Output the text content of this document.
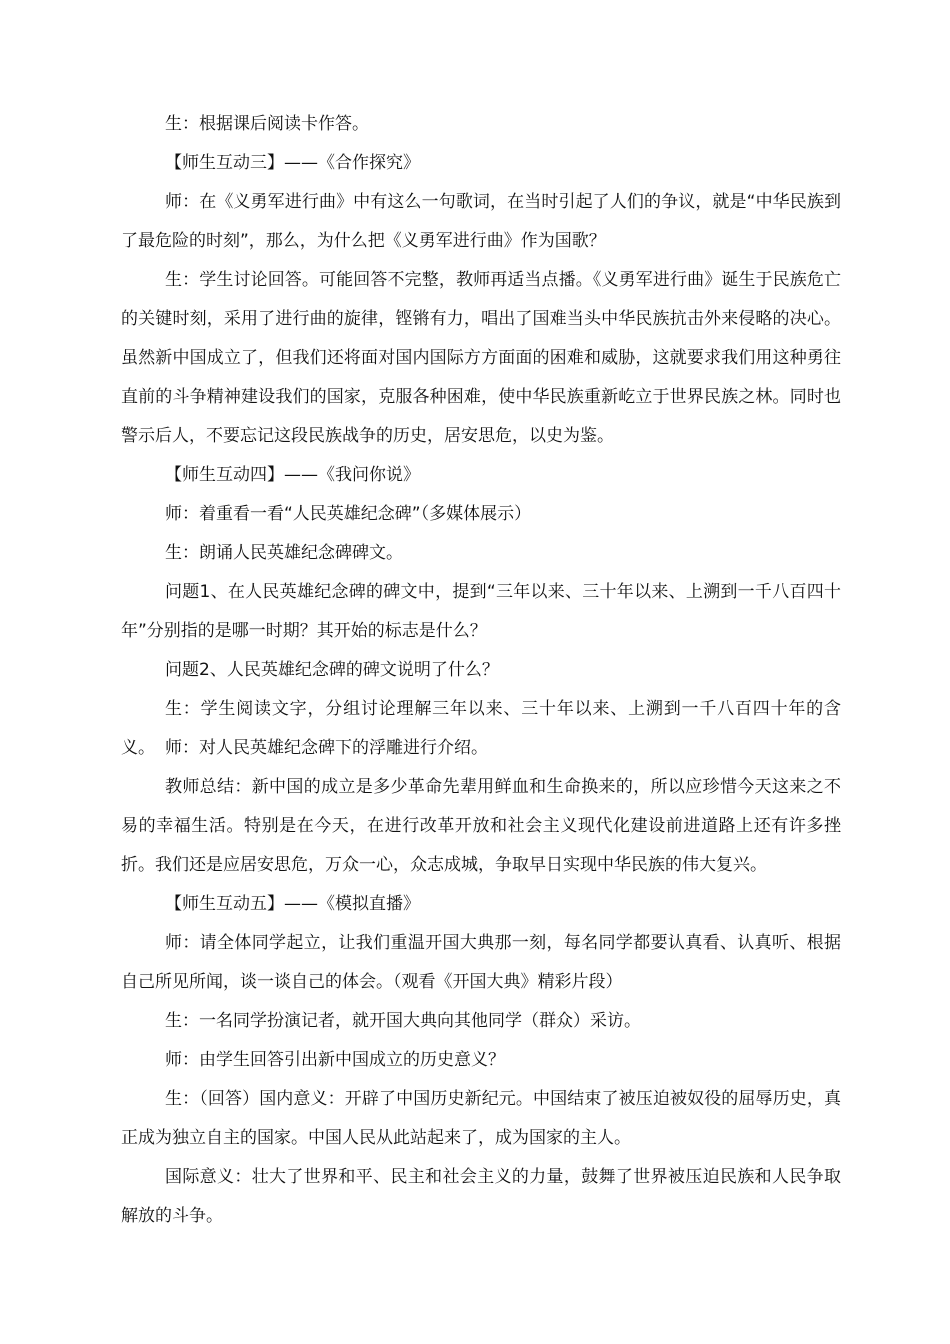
生：根据课后阅读卡作答。

【师生互动三】——《合作探究》

师：在《义勇军进行曲》中有这么一句歌词，在当时引起了人们的争议，就是“中华民族到了最危险的时刻”，那么，为什么把《义勇军进行曲》作为国歌？

生：学生讨论回答。可能回答不完整，教师再适当点播。《义勇军进行曲》诞生于民族危亡的关键时刻，采用了进行曲的旋律，铿锵有力，唱出了国难当头中华民族抗击外来侵略的决心。虽然新中国成立了，但我们还将面对国内国际方方面面的困难和威胁，这就要求我们用这种勇往直前的斗争精神建设我们的国家，克服各种困难，使中华民族重新屹立于世界民族之林。同时也警示后人，不要忘记这段民族战争的历史，居安思危，以史为鉴。

【师生互动四】——《我问你说》

师：着重看一看“人民英雄纪念碑”（多媒体展示）

生：朗诵人民英雄纪念碑碑文。

问题1、在人民英雄纪念碑的碑文中，提到“三年以来、三十年以来、上溯到一千八百四十年”分别指的是哪一时期？其开始的标志是什么？

问题2、人民英雄纪念碑的碑文说明了什么？

生：学生阅读文字，分组讨论理解三年以来、三十年以来、上溯到一千八百四十年的含义。 师：对人民英雄纪念碑下的浮雕进行介绍。

教师总结：新中国的成立是多少革命先辈用鲜血和生命换来的，所以应珍惜今天这来之不易的幸福生活。特别是在今天，在进行改革开放和社会主义现代化建设前进道路上还有许多挫折。我们还是应居安思危，万众一心，众志成城，争取早日实现中华民族的伟大复兴。

【师生互动五】——《模拟直播》

师：请全体同学起立，让我们重温开国大典那一刻，每名同学都要认真看、认真听、根据自己所见所闻，谈一谈自己的体会。（观看《开国大典》精彩片段）

生：一名同学扮演记者，就开国大典向其他同学（群众）采访。

师：由学生回答引出新中国成立的历史意义？

生：（回答）国内意义：开辟了中国历史新纪元。中国结束了被压迫被奴役的屈辱历史，真正成为独立自主的国家。中国人民从此站起来了，成为国家的主人。

国际意义：壮大了世界和平、民主和社会主义的力量，鼓舞了世界被压迫民族和人民争取解放的斗争。
